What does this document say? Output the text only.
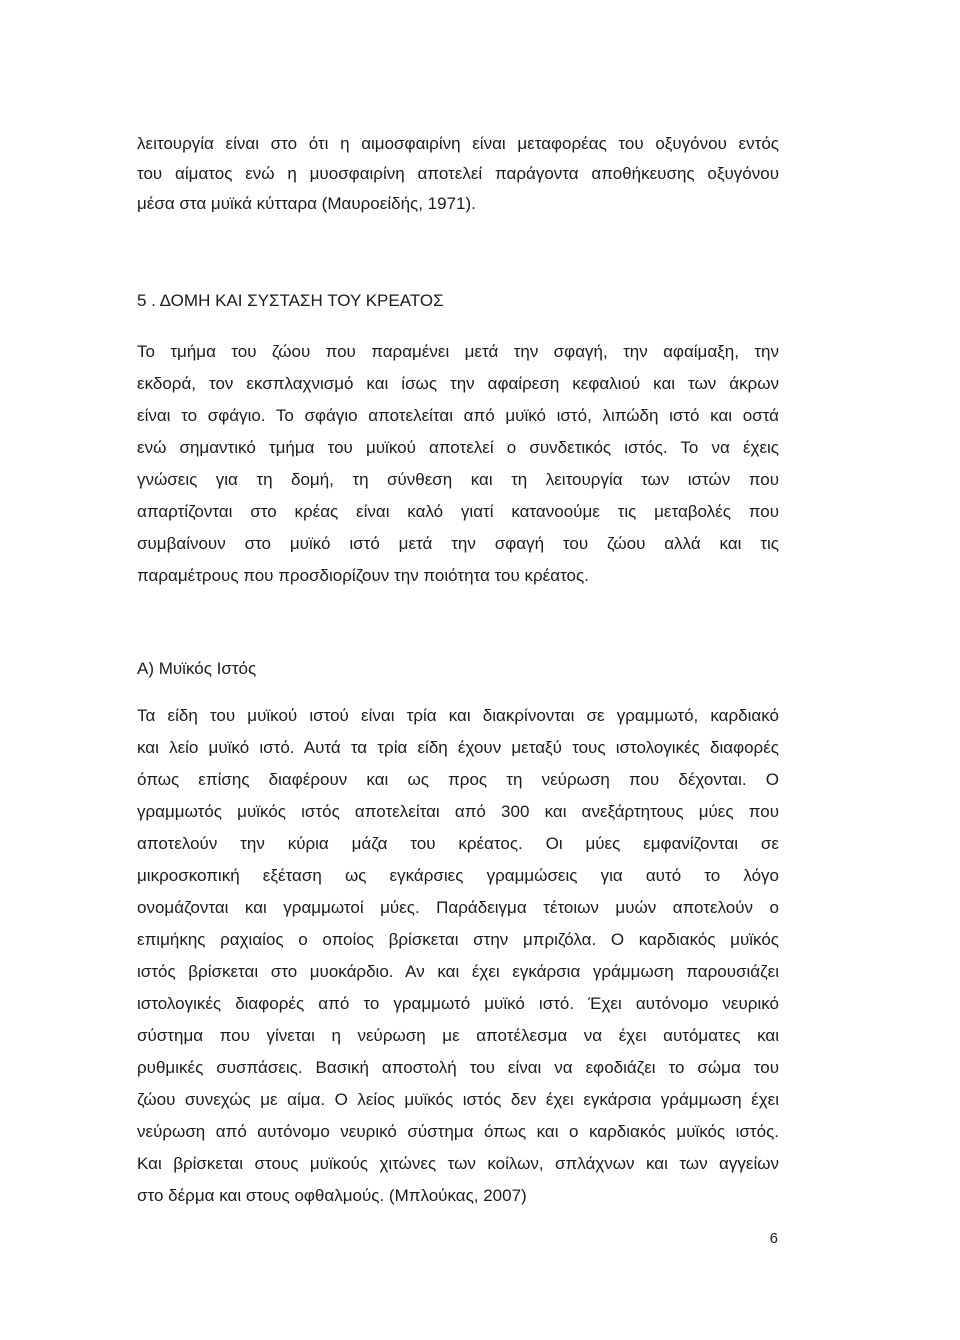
λειτουργία είναι στο ότι η αιμοσφαιρίνη είναι μεταφορέας του οξυγόνου εντός
του αίματος ενώ η μυοσφαιρίνη αποτελεί παράγοντα αποθήκευσης οξυγόνου
μέσα στα μυϊκά κύτταρα (Μαυροείδής, 1971).
5 . ΔΟΜΗ ΚΑΙ ΣΥΣΤΑΣΗ ΤΟΥ ΚΡΕΑΤΟΣ
Το τμήμα του ζώου που παραμένει μετά την σφαγή, την αφαίμαξη, την
εκδορά, τον εκσπλαχνισμό και ίσως την αφαίρεση κεφαλιού και των άκρων
είναι το σφάγιο. Το σφάγιο αποτελείται από μυϊκό ιστό, λιπώδη ιστό και οστά
ενώ σημαντικό τμήμα του μυϊκού αποτελεί ο συνδετικός ιστός. Το να έχεις
γνώσεις για τη δομή, τη σύνθεση και τη λειτουργία των ιστών που
απαρτίζονται στο κρέας είναι καλό γιατί κατανοούμε τις μεταβολές που
συμβαίνουν στο μυϊκό ιστό μετά την σφαγή του ζώου αλλά και τις
παραμέτρους που προσδιορίζουν την ποιότητα του κρέατος.
Α) Μυϊκός Ιστός
Τα είδη του μυϊκού ιστού είναι τρία και διακρίνονται σε γραμμωτό, καρδιακό
και λείο μυϊκό ιστό. Αυτά τα τρία είδη έχουν μεταξύ τους ιστολογικές διαφορές
όπως επίσης διαφέρουν και ως προς τη νεύρωση που δέχονται. Ο
γραμμωτός μυϊκός ιστός αποτελείται από 300 και ανεξάρτητους μύες που
αποτελούν την κύρια μάζα του κρέατος. Οι μύες εμφανίζονται σε
μικροσκοπική εξέταση ως εγκάρσιες γραμμώσεις για αυτό το λόγο
ονομάζονται και γραμμωτοί μύες. Παράδειγμα τέτοιων μυών αποτελούν ο
επιμήκης ραχιαίος ο οποίος βρίσκεται στην μπριζόλα. Ο καρδιακός μυϊκός
ιστός βρίσκεται στο μυοκάρδιο. Αν και έχει εγκάρσια γράμμωση παρουσιάζει
ιστολογικές διαφορές από το γραμμωτό μυϊκό ιστό. Έχει αυτόνομο νευρικό
σύστημα που γίνεται η νεύρωση με αποτέλεσμα να έχει αυτόματες και
ρυθμικές συσπάσεις. Βασική αποστολή του είναι να εφοδιάζει το σώμα του
ζώου συνεχώς με αίμα. Ο λείος μυϊκός ιστός δεν έχει εγκάρσια γράμμωση έχει
νεύρωση από αυτόνομο νευρικό σύστημα όπως και ο καρδιακός μυϊκός ιστός.
Και βρίσκεται στους μυϊκούς χιτώνες των κοίλων, σπλάχνων και των αγγείων
στο δέρμα και στους οφθαλμούς. (Μπλούκας, 2007)
6
